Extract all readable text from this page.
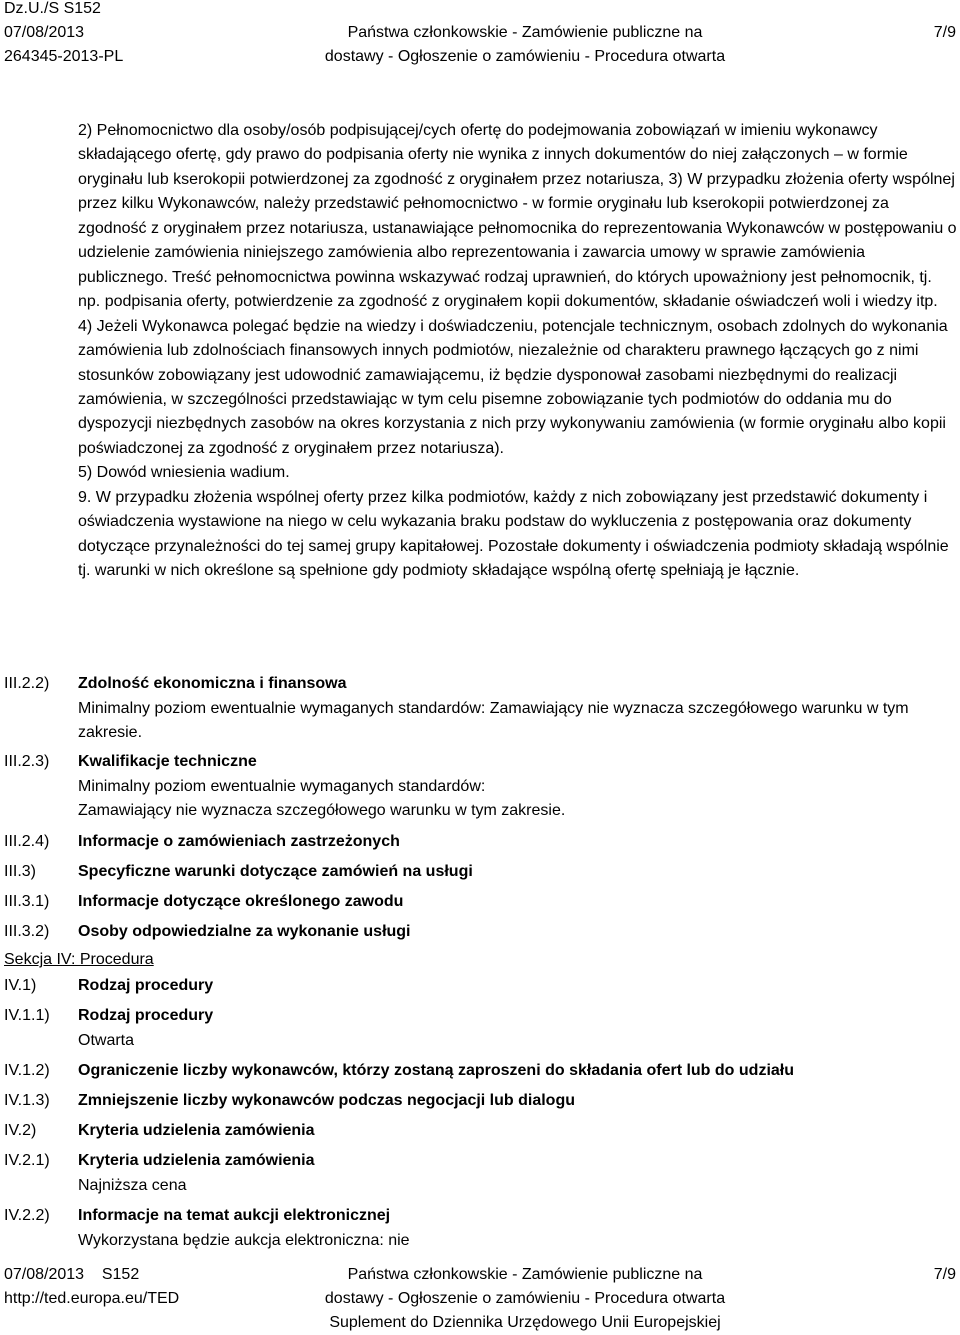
Dz.U./S S152
07/08/2013
264345-2013-PL
Państwa członkowskie - Zamówienie publiczne na
dostawy - Ogłoszenie o zamówieniu - Procedura otwarta
7/9
2) Pełnomocnictwo dla osoby/osób podpisującej/cych ofertę do podejmowania zobowiązań w imieniu wykonawcy składającego ofertę, gdy prawo do podpisania oferty nie wynika z innych dokumentów do niej załączonych – w formie oryginału lub kserokopii potwierdzonej za zgodność z oryginałem przez notariusza, 3) W przypadku złożenia oferty wspólnej przez kilku Wykonawców, należy przedstawić pełnomocnictwo - w formie oryginału lub kserokopii potwierdzonej za zgodność z oryginałem przez notariusza, ustanawiające pełnomocnika do reprezentowania Wykonawców w postępowaniu o udzielenie zamówienia niniejszego zamówienia albo reprezentowania i zawarcia umowy w sprawie zamówienia publicznego. Treść pełnomocnictwa powinna wskazywać rodzaj uprawnień, do których upoważniony jest pełnomocnik, tj. np. podpisania oferty, potwierdzenie za zgodność z oryginałem kopii dokumentów, składanie oświadczeń woli i wiedzy itp.
4) Jeżeli Wykonawca polegać będzie na wiedzy i doświadczeniu, potencjale technicznym, osobach zdolnych do wykonania zamówienia lub zdolnościach finansowych innych podmiotów, niezależnie od charakteru prawnego łączących go z nimi stosunków zobowiązany jest udowodnić zamawiającemu, iż będzie dysponował zasobami niezbędnymi do realizacji zamówienia, w szczególności przedstawiając w tym celu pisemne zobowiązanie tych podmiotów do oddania mu do dyspozycji niezbędnych zasobów na okres korzystania z nich przy wykonywaniu zamówienia (w formie oryginału albo kopii poświadczonej za zgodność z oryginałem przez notariusza).
5) Dowód wniesienia wadium.
9. W przypadku złożenia wspólnej oferty przez kilka podmiotów, każdy z nich zobowiązany jest przedstawić dokumenty i oświadczenia wystawione na niego w celu wykazania braku podstaw do wykluczenia z postępowania oraz dokumenty dotyczące przynależności do tej samej grupy kapitałowej. Pozostałe dokumenty i oświadczenia podmioty składają wspólnie tj. warunki w nich określone są spełnione gdy podmioty składające wspólną ofertę spełniają je łącznie.
III.2.2) Zdolność ekonomiczna i finansowa
Minimalny poziom ewentualnie wymaganych standardów: Zamawiający nie wyznacza szczegółowego warunku w tym zakresie.
III.2.3) Kwalifikacje techniczne
Minimalny poziom ewentualnie wymaganych standardów:
Zamawiający nie wyznacza szczegółowego warunku w tym zakresie.
III.2.4) Informacje o zamówieniach zastrzeżonych
III.3)	Specyficzne warunki dotyczące zamówień na usługi
III.3.1) Informacje dotyczące określonego zawodu
III.3.2) Osoby odpowiedzialne za wykonanie usługi
Sekcja IV: Procedura
IV.1)	Rodzaj procedury
IV.1.1) Rodzaj procedury
Otwarta
IV.1.2) Ograniczenie liczby wykonawców, którzy zostaną zaproszeni do składania ofert lub do udziału
IV.1.3) Zmniejszenie liczby wykonawców podczas negocjacji lub dialogu
IV.2)	Kryteria udzielenia zamówienia
IV.2.1) Kryteria udzielenia zamówienia
Najniższa cena
IV.2.2) Informacje na temat aukcji elektronicznej
Wykorzystana będzie aukcja elektroniczna: nie
07/08/2013    S152
http://ted.europa.eu/TED
Państwa członkowskie - Zamówienie publiczne na
dostawy - Ogłoszenie o zamówieniu - Procedura otwarta
Suplement do Dziennika Urzędowego Unii Europejskiej
7/9
